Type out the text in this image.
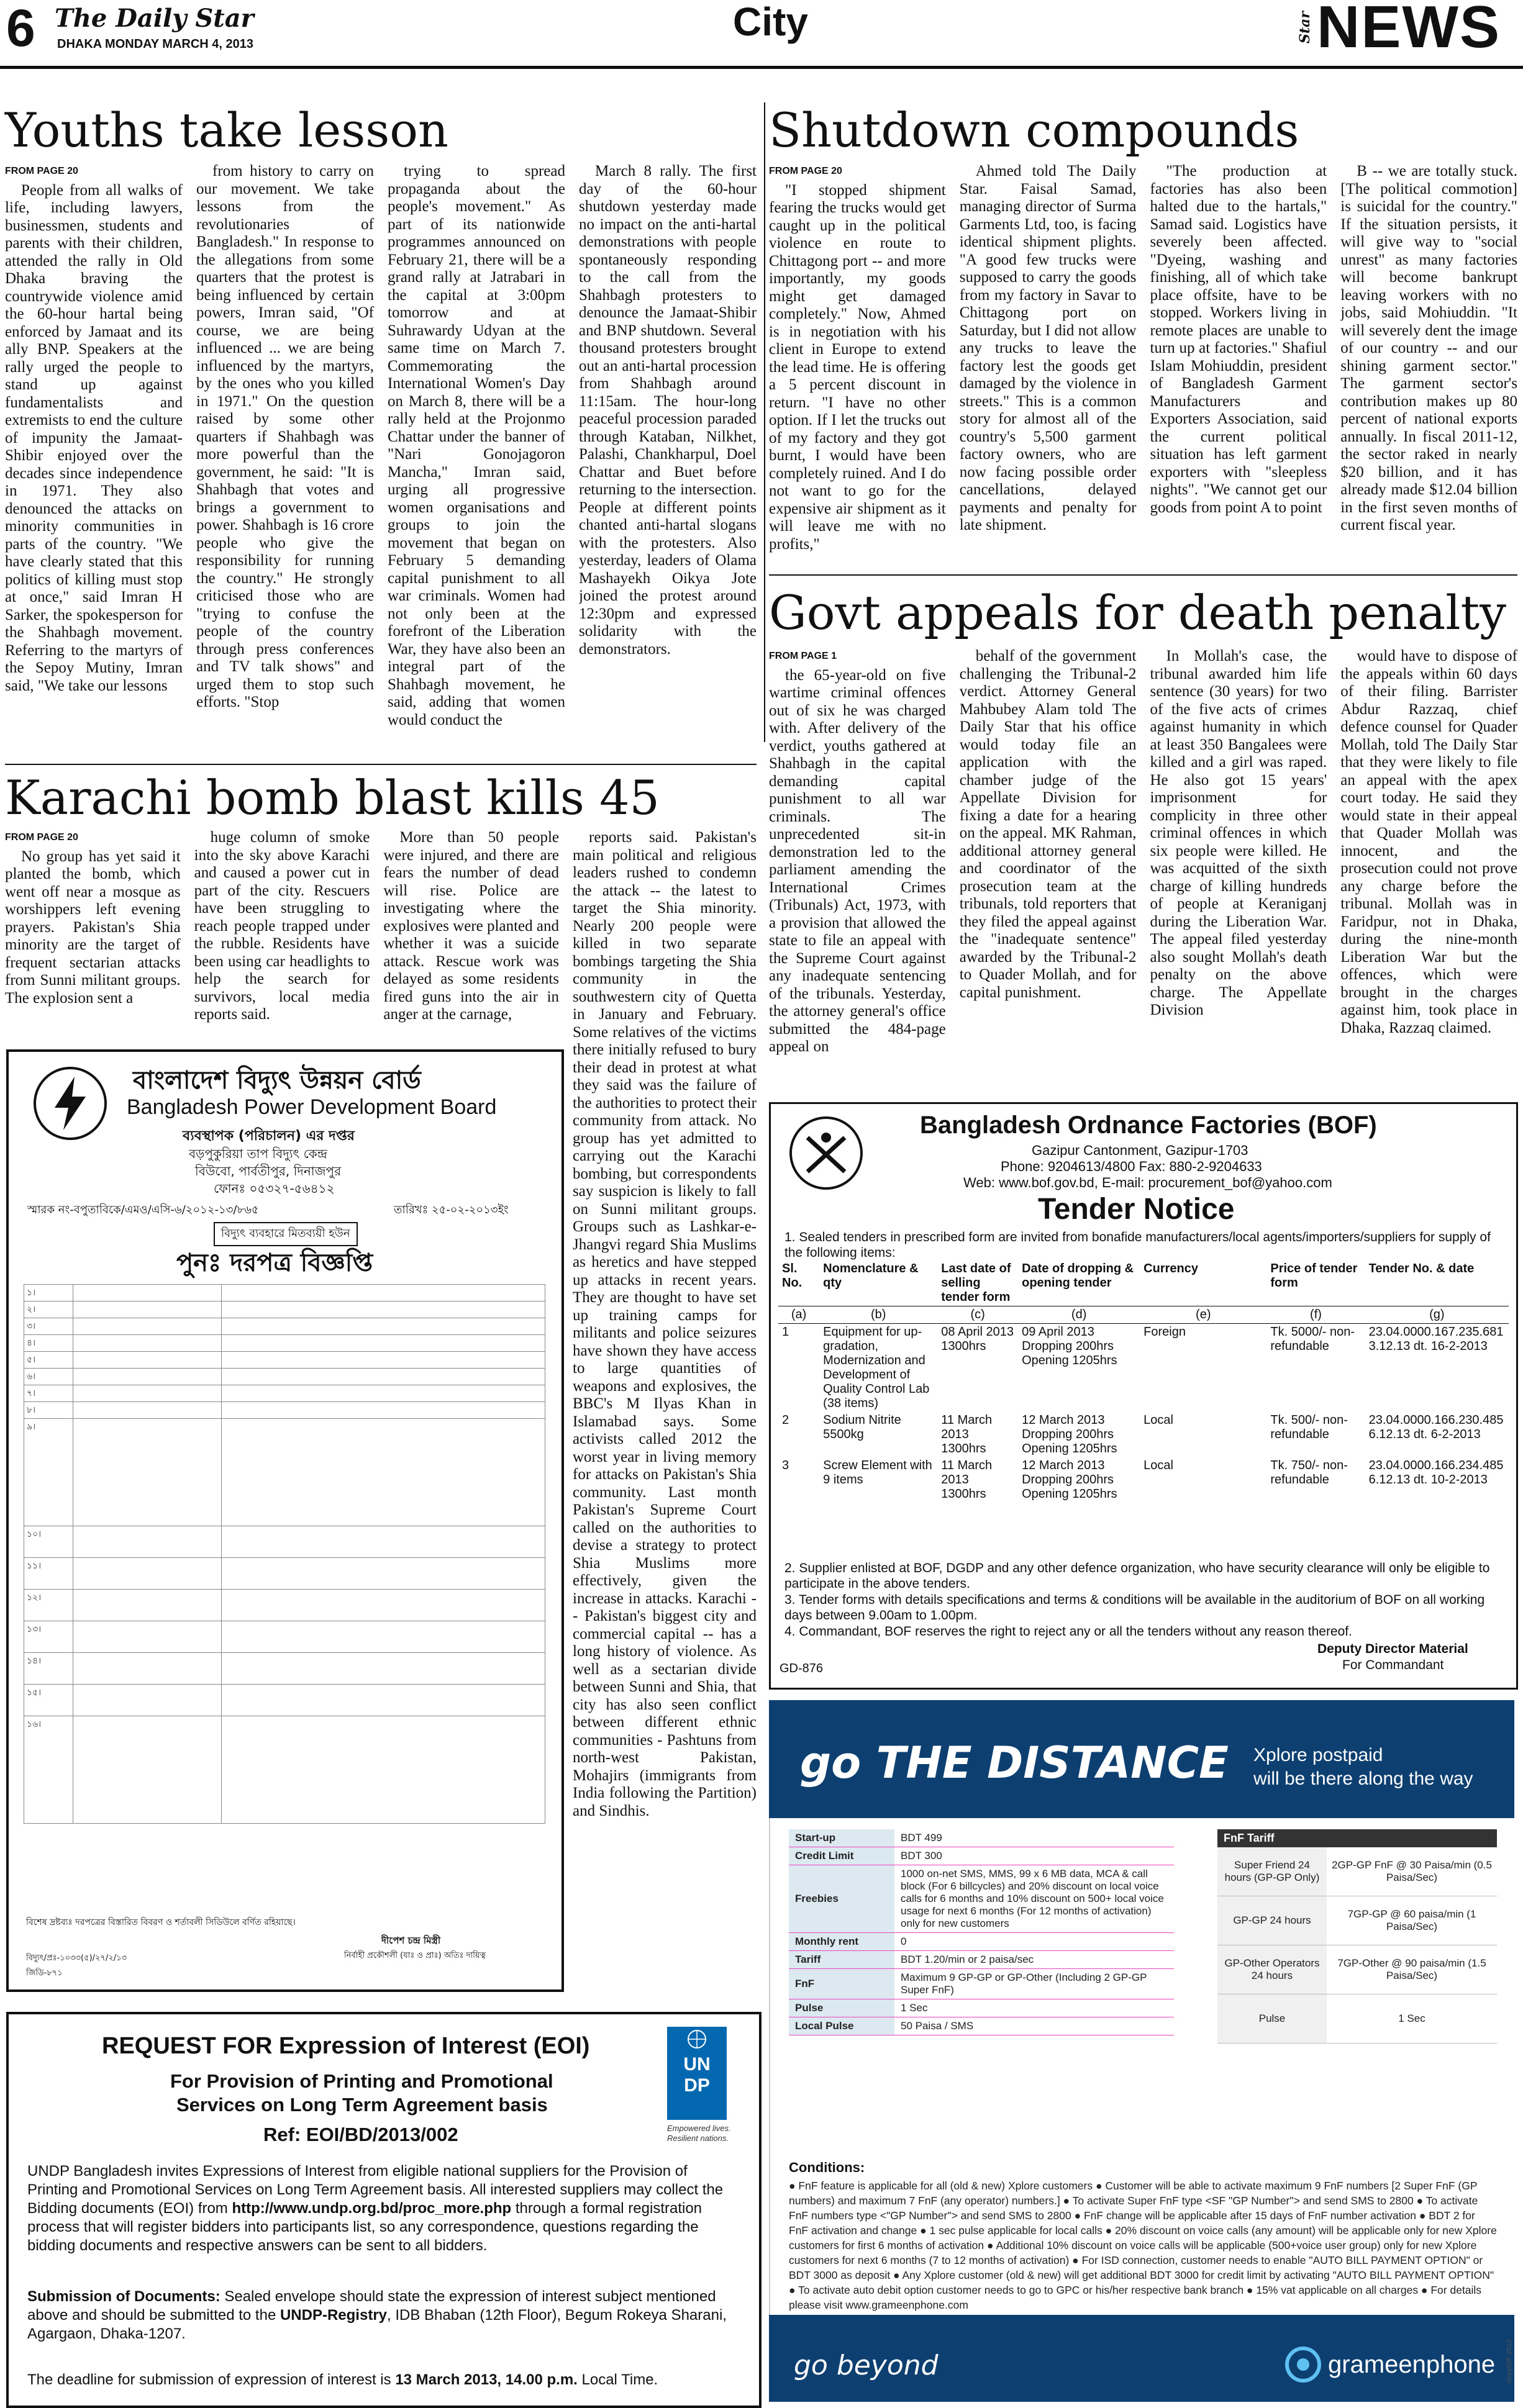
6 The Daily Star
DHAKA MONDAY MARCH 4, 2013	City	Star NEWS
Youths take lesson

FROM PAGE 20

People from all walks of life, including lawyers, businessmen, students and parents with their children, attended the rally in Old Dhaka braving the countrywide violence amid the 60-hour hartal being enforced by Jamaat and its ally BNP. Speakers at the rally urged the people to stand up against fundamentalists and extremists to end the culture of impunity the Jamaat-Shibir enjoyed over the decades since independence in 1971. They also denounced the attacks on minority communities in parts of the country. "We have clearly stated that this politics of killing must stop at once," said Imran H Sarker, the spokesperson for the Shahbagh movement. Referring to the martyrs of the Sepoy Mutiny, Imran said, "We take our lessons

from history to carry on our movement. We take lessons from the revolutionaries of Bangladesh." In response to the allegations from some quarters that the protest is being influenced by certain powers, Imran said, "Of course, we are being influenced ... we are being influenced by the martyrs, by the ones who you killed in 1971." On the question raised by some other quarters if Shahbagh was more powerful than the government, he said: "It is Shahbagh that votes and brings a government to power. Shahbagh is 16 crore people who give the responsibility for running the country." He strongly criticised those who are "trying to confuse the people of the country through press conferences and TV talk shows" and urged them to stop such efforts. "Stop

trying to spread propaganda about the people's movement." As part of its nationwide programmes announced on February 21, there will be a grand rally at Jatrabari in the capital at 3:00pm tomorrow and at Suhrawardy Udyan at the same time on March 7. Commemorating the International Women's Day on March 8, there will be a rally held at the Projonmo Chattar under the banner of "Nari Gonojagoron Mancha," Imran said, urging all progressive women organisations and groups to join the movement that began on February 5 demanding capital punishment to all war criminals. Women had not only been at the forefront of the Liberation War, they have also been an integral part of the Shahbagh movement, he said, adding that women would conduct the

March 8 rally. The first day of the 60-hour shutdown yesterday made no impact on the anti-hartal demonstrations with people spontaneously responding to the call from the Shahbagh protesters to denounce the Jamaat-Shibir and BNP shutdown. Several thousand protesters brought out an anti-hartal procession from Shahbagh around 11:15am. The hour-long peaceful procession paraded through Kataban, Nilkhet, Palashi, Chankharpul, Doel Chattar and Buet before returning to the intersection. People at different points chanted anti-hartal slogans with the protesters. Also yesterday, leaders of Olama Mashayekh Oikya Jote joined the protest around 12:30pm and expressed solidarity with the demonstrators.

Shutdown compounds

FROM PAGE 20

"I stopped shipment fearing the trucks would get caught up in the political violence en route to Chittagong port -- and more importantly, my goods might get damaged completely." Now, Ahmed is in negotiation with his client in Europe to extend the lead time. He is offering a 5 percent discount in return. "I have no other option. If I let the trucks out of my factory and they got burnt, I would have been completely ruined. And I do not want to go for the expensive air shipment as it will leave me with no profits,"

Ahmed told The Daily Star. Faisal Samad, managing director of Surma Garments Ltd, too, is facing identical shipment plights. "A good few trucks were supposed to carry the goods from my factory in Savar to Chittagong port on Saturday, but I did not allow any trucks to leave the factory lest the goods get damaged by the violence in streets." This is a common story for almost all of the country's 5,500 garment factory owners, who are now facing possible order cancellations, delayed payments and penalty for late shipment.

"The production at factories has also been halted due to the hartals," Samad said. Logistics have severely been affected. "Dyeing, washing and finishing, all of which take place offsite, have to be stopped. Workers living in remote places are unable to turn up at factories." Shafiul Islam Mohiuddin, president of Bangladesh Garment Manufacturers and Exporters Association, said the current political situation has left garment exporters with "sleepless nights". "We cannot get our goods from point A to point

B -- we are totally stuck. [The political commotion] is suicidal for the country." If the situation persists, it will give way to "social unrest" as many factories will become bankrupt leaving workers with no jobs, said Mohiuddin. "It will severely dent the image of our country -- and our shining garment sector." The garment sector's contribution makes up 80 percent of national exports annually. In fiscal 2011-12, the sector raked in nearly $20 billion, and it has already made $12.04 billion in the first seven months of current fiscal year.

Govt appeals for death penalty

FROM PAGE 1

the 65-year-old on five wartime criminal offences out of six he was charged with. After delivery of the verdict, youths gathered at Shahbagh in the capital demanding capital punishment to all war criminals. The unprecedented sit-in demonstration led to the parliament amending the International Crimes (Tribunals) Act, 1973, with a provision that allowed the state to file an appeal with the Supreme Court against any inadequate sentencing of the tribunals. Yesterday, the attorney general's office submitted the 484-page appeal on

behalf of the government challenging the Tribunal-2 verdict. Attorney General Mahbubey Alam told The Daily Star that his office would today file an application with the chamber judge of the Appellate Division for fixing a date for a hearing on the appeal. MK Rahman, additional attorney general and coordinator of the prosecution team at the tribunals, told reporters that they filed the appeal against the "inadequate sentence" awarded by the Tribunal-2 to Quader Mollah, and for capital punishment.

In Mollah's case, the tribunal awarded him life sentence (30 years) for two of the five acts of crimes against humanity in which at least 350 Bangalees were killed and a girl was raped. He also got 15 years' imprisonment for complicity in three other criminal offences in which six people were killed. He was acquitted of the sixth charge of killing hundreds of people at Keraniganj during the Liberation War. The appeal filed yesterday also sought Mollah's death penalty on the above charge. The Appellate Division

would have to dispose of the appeals within 60 days of their filing. Barrister Abdur Razzaq, chief defence counsel for Quader Mollah, told The Daily Star that they were likely to file an appeal with the apex court today. He said they would state in their appeal that Quader Mollah was innocent, and the prosecution could not prove any charge before the tribunal. Mollah was in Faridpur, not in Dhaka, during the nine-month Liberation War but the offences, which were brought in the charges against him, took place in Dhaka, Razzaq claimed.

Karachi bomb blast kills 45

FROM PAGE 20

No group has yet said it planted the bomb, which went off near a mosque as worshippers left evening prayers. Pakistan's Shia minority are the target of frequent sectarian attacks from Sunni militant groups. The explosion sent a

huge column of smoke into the sky above Karachi and caused a power cut in part of the city. Rescuers have been struggling to reach people trapped under the rubble. Residents have been using car headlights to help the search for survivors, local media reports said.

More than 50 people were injured, and there are fears the number of dead will rise. Police are investigating where the explosives were planted and whether it was a suicide attack. Rescue work was delayed as some residents fired guns into the air in anger at the carnage,

reports said. Pakistan's main political and religious leaders rushed to condemn the attack -- the latest to target the Shia minority. Nearly 200 people were killed in two separate bombings targeting the Shia community in the southwestern city of Quetta in January and February. Some relatives of the victims there initially refused to bury their dead in protest at what they said was the failure of the authorities to protect their community from attack. No group has yet admitted to carrying out the Karachi bombing, but correspondents say suspicion is likely to fall on Sunni militant groups. Groups such as Lashkar-e-Jhangvi regard Shia Muslims as heretics and have stepped up attacks in recent years. They are thought to have set up training camps for militants and police seizures have shown they have access to large quantities of weapons and explosives, the BBC's M Ilyas Khan in Islamabad says. Some activists called 2012 the worst year in living memory for attacks on Pakistan's Shia community. Last month Pakistan's Supreme Court called on the authorities to devise a strategy to protect Shia Muslims more effectively, given the increase in attacks. Karachi -- Pakistan's biggest city and commercial capital -- has a long history of violence. As well as a sectarian divide between Sunni and Shia, that city has also seen conflict between different ethnic communities - Pashtuns from north-west Pakistan, Mohajirs (immigrants from India following the Partition) and Sindhis.

বাংলাদেশ বিদ্যুৎ উন্নয়ন বোর্ড
Bangladesh Power Development Board
ব্যবস্থাপক (পরিচালন) এর দপ্তর
বড়পুকুরিয়া তাপ বিদ্যুৎ কেন্দ্র
বিউবো, পার্বতীপুর, দিনাজপুর
ফোনঃ ০৫৩২৭-৫৬৪১২
স্মারক নং-বপুতাবিকে/এমও/এসি-৬/২০১২-১৩/৮৬৫	তারিখঃ ২৫-০২-২০১৩ইং
বিদ্যুৎ ব্যবহারে মিতব্যয়ী হউন
পুনঃ দরপত্র বিজ্ঞপ্তি
১।		
২।		
৩।		
৪।		
৫।		
৬।		
৭।		
৮।		
৯।		
১০।		
১১।		
১২।		
১৩।		
১৪।		
১৫।		
১৬।		
বিশেষ দ্রষ্টব্যঃ দরপত্রের বিস্তারিত বিবরণ ও শর্তাবলী সিডিউলে বর্ণিত রহিয়াছে।
দীপেশ চন্দ্র মিস্ত্রী
নির্বাহী প্রকৌশলী (যাঃ ও প্রাঃ) অতিঃ দায়িত্ব
বিদ্যুৎ/প্রঃ-১০৩৩(৫)/২৭/২/১৩
জিডি-৮৭১
Bangladesh Ordnance Factories (BOF)
Gazipur Cantonment, Gazipur-1703
Phone: 9204613/4800 Fax: 880-2-9204633
Web: www.bof.gov.bd, E-mail: procurement_bof@yahoo.com
Tender Notice
1. Sealed tenders in prescribed form are invited from bonafide manufacturers/local agents/importers/suppliers for supply of the following items:
Sl. No.	Nomenclature & qty	Last date of selling tender form	Date of dropping & opening tender	Currency	Price of tender form	Tender No. & date
(a)	(b)	(c)	(d)	(e)	(f)	(g)
1	Equipment for up-gradation, Modernization and Development of Quality Control Lab (38 items)	08 April 2013 1300hrs	09 April 2013 Dropping 200hrs Opening 1205hrs	Foreign	Tk. 5000/- non-refundable	23.04.0000.167.235.681 3.12.13 dt. 16-2-2013
2	Sodium Nitrite 5500kg	11 March 2013 1300hrs	12 March 2013 Dropping 200hrs Opening 1205hrs	Local	Tk. 500/- non-refundable	23.04.0000.166.230.485 6.12.13 dt. 6-2-2013
3	Screw Element with 9 items	11 March 2013 1300hrs	12 March 2013 Dropping 200hrs Opening 1205hrs	Local	Tk. 750/- non-refundable	23.04.0000.166.234.485 6.12.13 dt. 10-2-2013
2. Supplier enlisted at BOF, DGDP and any other defence organization, who have security clearance will only be eligible to participate in the above tenders.
3. Tender forms with details specifications and terms & conditions will be available in the auditorium of BOF on all working days between 9.00am to 1.00pm.
4. Commandant, BOF reserves the right to reject any or all the tenders without any reason thereof.
Deputy Director Material
For Commandant
GD-876
REQUEST FOR Expression of Interest (EOI)
For Provision of Printing and Promotional
Services on Long Term Agreement basis
Ref: EOI/BD/2013/002
UNDP
Empowered lives.
Resilient nations.
UNDP Bangladesh invites Expressions of Interest from eligible national suppliers for the Provision of Printing and Promotional Services on Long Term Agreement basis. All interested suppliers may collect the Bidding documents (EOI) from http://www.undp.org.bd/proc_more.php through a formal registration process that will register bidders into participants list, so any correspondence, questions regarding the bidding documents and respective answers can be sent to all bidders.
Submission of Documents: Sealed envelope should state the expression of interest subject mentioned above and should be submitted to the UNDP-Registry, IDB Bhaban (12th Floor), Begum Rokeya Sharani, Agargaon, Dhaka-1207.
The deadline for submission of expression of interest is 13 March 2013, 14.00 p.m. Local Time.
go THE DISTANCE Xplore postpaid
will be there along the way
Start-up	BDT 499
Credit Limit	BDT 300
Freebies	1000 on-net SMS, MMS, 99 x 6 MB data, MCA & call block (For 6 billcycles) and 20% discount on local voice calls for 6 months and 10% discount on 500+ local voice usage for next 6 months (For 12 months of activation) only for new customers
Monthly rent	0
Tariff	BDT 1.20/min or 2 paisa/sec
FnF	Maximum 9 GP-GP or GP-Other (Including 2 GP-GP Super FnF)
Pulse	1 Sec
Local Pulse	50 Paisa / SMS
FnF Tariff
Super Friend 24 hours (GP-GP Only)	2GP-GP FnF @ 30 Paisa/min (0.5 Paisa/Sec)
GP-GP 24 hours	7GP-GP @ 60 paisa/min (1 Paisa/Sec)
GP-Other Operators 24 hours	7GP-Other @ 90 paisa/min (1.5 Paisa/Sec)
Pulse	1 Sec
Conditions:
● FnF feature is applicable for all (old & new) Xplore customers ● Customer will be able to activate maximum 9 FnF numbers [2 Super FnF (GP numbers) and maximum 7 FnF (any operator) numbers.] ● To activate Super FnF type <SF "GP Number"> and send SMS to 2800 ● To activate FnF numbers type <"GP Number"> and send SMS to 2800 ● FnF change will be applicable after 15 days of FnF number activation ● BDT 2 for FnF activation and change ● 1 sec pulse applicable for local calls ● 20% discount on voice calls (any amount) will be applicable only for new Xplore customers for first 6 months of activation ● Additional 10% discount on voice calls will be applicable (500+voice user group) only for new Xplore customers for next 6 months (7 to 12 months of activation) ● For ISD connection, customer needs to enable "AUTO BILL PAYMENT OPTION" or BDT 3000 as deposit ● Any Xplore customer (old & new) will get additional BDT 3000 for credit limit by activating "AUTO BILL PAYMENT OPTION" ● To activate auto debit option customer needs to go to GPC or his/her respective bank branch ● 15% vat applicable on all charges ● For details please visit www.grameenphone.com
go beyond	grameenphone Grey/GP 2013
